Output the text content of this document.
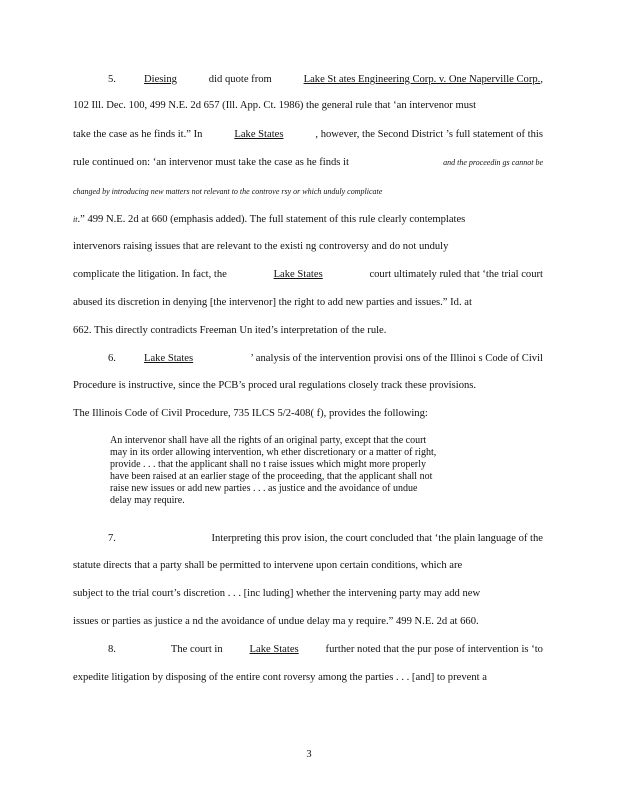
5.	Diesing	did quote from	Lake St ates Engineering Corp. v. One Naperville Corp.,
102 Ill. Dec. 100, 499 N.E. 2d 657 (Ill. App. Ct. 1986) the general rule that ‘an intervenor must
take the case as he finds it.” In	Lake States	, however, the Second District ’s full statement of this
rule continued on: ‘an intervenor must take the case as he finds it	and the proceedin gs cannot be
changed by introducing new matters not relevant to the controve rsy or which unduly complicate
it.” 499 N.E. 2d at 660 (emphasis added). The full statement of this rule clearly contemplates
intervenors raising issues that are relevant to the existi ng controversy and do not unduly
complicate the litigation. In fact, the	Lake States	court ultimately ruled that ‘the trial court
abused its discretion in denying [the intervenor] the right to add new parties and issues.” Id. at
662. This directly contradicts Freeman Un ited’s interpretation of the rule.
6.	Lake States	’ analysis of the intervention provisi ons of the Illinoi s Code of Civil
Procedure is instructive, since the PCB’s proced ural regulations closely track these provisions.
The Illinois Code of Civil Procedure, 735 ILCS 5/2-408( f), provides the following:
An intervenor shall have all the rights of an original party, except that the court
may in its order allowing intervention, wh ether discretionary or a matter of right,
provide . . . that the applicant shall no t raise issues which might more properly
have been raised at an earlier stage of the proceeding, that the applicant shall not
raise new issues or add new parties . . . as justice and the avoidance of undue
delay may require.
7.	Interpreting this prov ision, the court concluded that ‘the plain language of the
statute directs that a party shall be permitted to intervene upon certain conditions, which are
subject to the trial court’s discretion . . . [inc luding] whether the intervening party may add new
issues or parties as justice a nd the avoidance of undue delay ma y require.” 499 N.E. 2d at 660.
8.	The court in	Lake States	further noted that the pur pose of intervention is ‘to
expedite litigation by disposing of the entire cont roversy among the parties . . . [and] to prevent a
3
